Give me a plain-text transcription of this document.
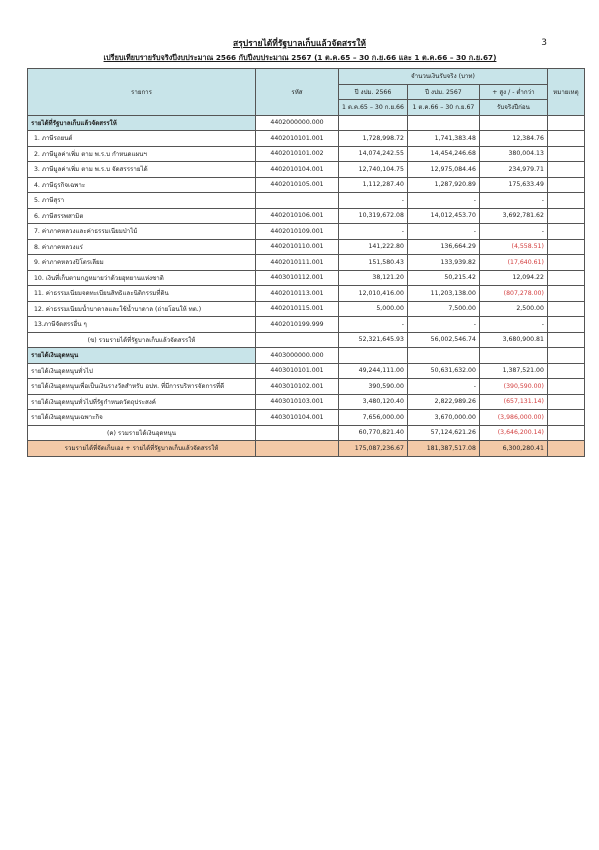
3
สรุปรายได้ที่รัฐบาลเก็บแล้วจัดสรรให้
เปรียบเทียบรายรับจริงปีงบประมาณ 2566 กับปีงบประมาณ 2567 (1 ต.ค.65 – 30 ก.ย.66 และ 1 ต.ค.66 – 30 ก.ย.67)
รายการ	รหัส	จำนวนเงินรับจริง (บาท)			หมายเหตุ
		ปี งปม. 2566	ปี งปม. 2567	+ สูง / - ต่ำกว่า	
		1 ต.ค.65 – 30 ก.ย.66	1 ต.ค.66 – 30 ก.ย.67	รับจริงปีก่อน	
รายได้ที่รัฐบาลเก็บแล้วจัดสรรให้	4402000000.000				
1. ภาษีรถยนต์	4402010101.001	1,728,998.72	1,741,383.48	12,384.76	
2. ภาษีมูลค่าเพิ่ม ตาม พ.ร.บ กำหนดแผนฯ	4402010101.002	14,074,242.55	14,454,246.68	380,004.13	
3. ภาษีมูลค่าเพิ่ม ตาม พ.ร.บ จัดสรรรายได้	4402010104.001	12,740,104.75	12,975,084.46	234,979.71	
4. ภาษีธุรกิจเฉพาะ	4402010105.001	1,112,287.40	1,287,920.89	175,633.49	
5. ภาษีสุรา		-	-	-	
6. ภาษีสรรพสามิต	4402010106.001	10,319,672.08	14,012,453.70	3,692,781.62	
7. ค่าภาคหลวงและค่าธรรมเนียมป่าไม้	4402010109.001	-	-	-	
8. ค่าภาคหลวงแร่	4402010110.001	141,222.80	136,664.29	(4,558.51)	
9. ค่าภาคหลวงปิโตรเลียม	4402010111.001	151,580.43	133,939.82	(17,640.61)	
10. เงินที่เก็บตามกฎหมายว่าด้วยอุทยานแห่งชาติ	4403010112.001	38,121.20	50,215.42	12,094.22	
11. ค่าธรรมเนียมจดทะเบียนสิทธิและนิติกรรมที่ดิน	4402010113.001	12,010,416.00	11,203,138.00	(807,278.00)	
12. ค่าธรรมเนียมน้ำบาดาลและใช้น้ำบาดาล (ถ่ายโอนให้ ทต.)	4402010115.001	5,000.00	7,500.00	2,500.00	
13.ภาษีจัดสรรอื่น ๆ	4402010199.999	-	-	-	
(ข) รวมรายได้ที่รัฐบาลเก็บแล้วจัดสรรให้		52,321,645.93	56,002,546.74	3,680,900.81	
รายได้เงินอุดหนุน	4403000000.000				
รายได้เงินอุดหนุนทั่วไป	4403010101.001	49,244,111.00	50,631,632.00	1,387,521.00	
รายได้เงินอุดหนุนเพื่อเป็นเงินรางวัลสำหรับ อปท. ที่มีการบริหารจัดการที่ดี	4403010102.001	390,590.00	-	(390,590.00)	
รายได้เงินอุดหนุนทั่วไปที่รัฐกำหนดวัตถุประสงค์	4403010103.001	3,480,120.40	2,822,989.26	(657,131.14)	
รายได้เงินอุดหนุนเฉพาะกิจ	4403010104.001	7,656,000.00	3,670,000.00	(3,986,000.00)	
(ค) รวมรายได้เงินอุดหนุน		60,770,821.40	57,124,621.26	(3,646,200.14)	
รวมรายได้ที่จัดเก็บเอง + รายได้ที่รัฐบาลเก็บแล้วจัดสรรให้		175,087,236.67	181,387,517.08	6,300,280.41	
